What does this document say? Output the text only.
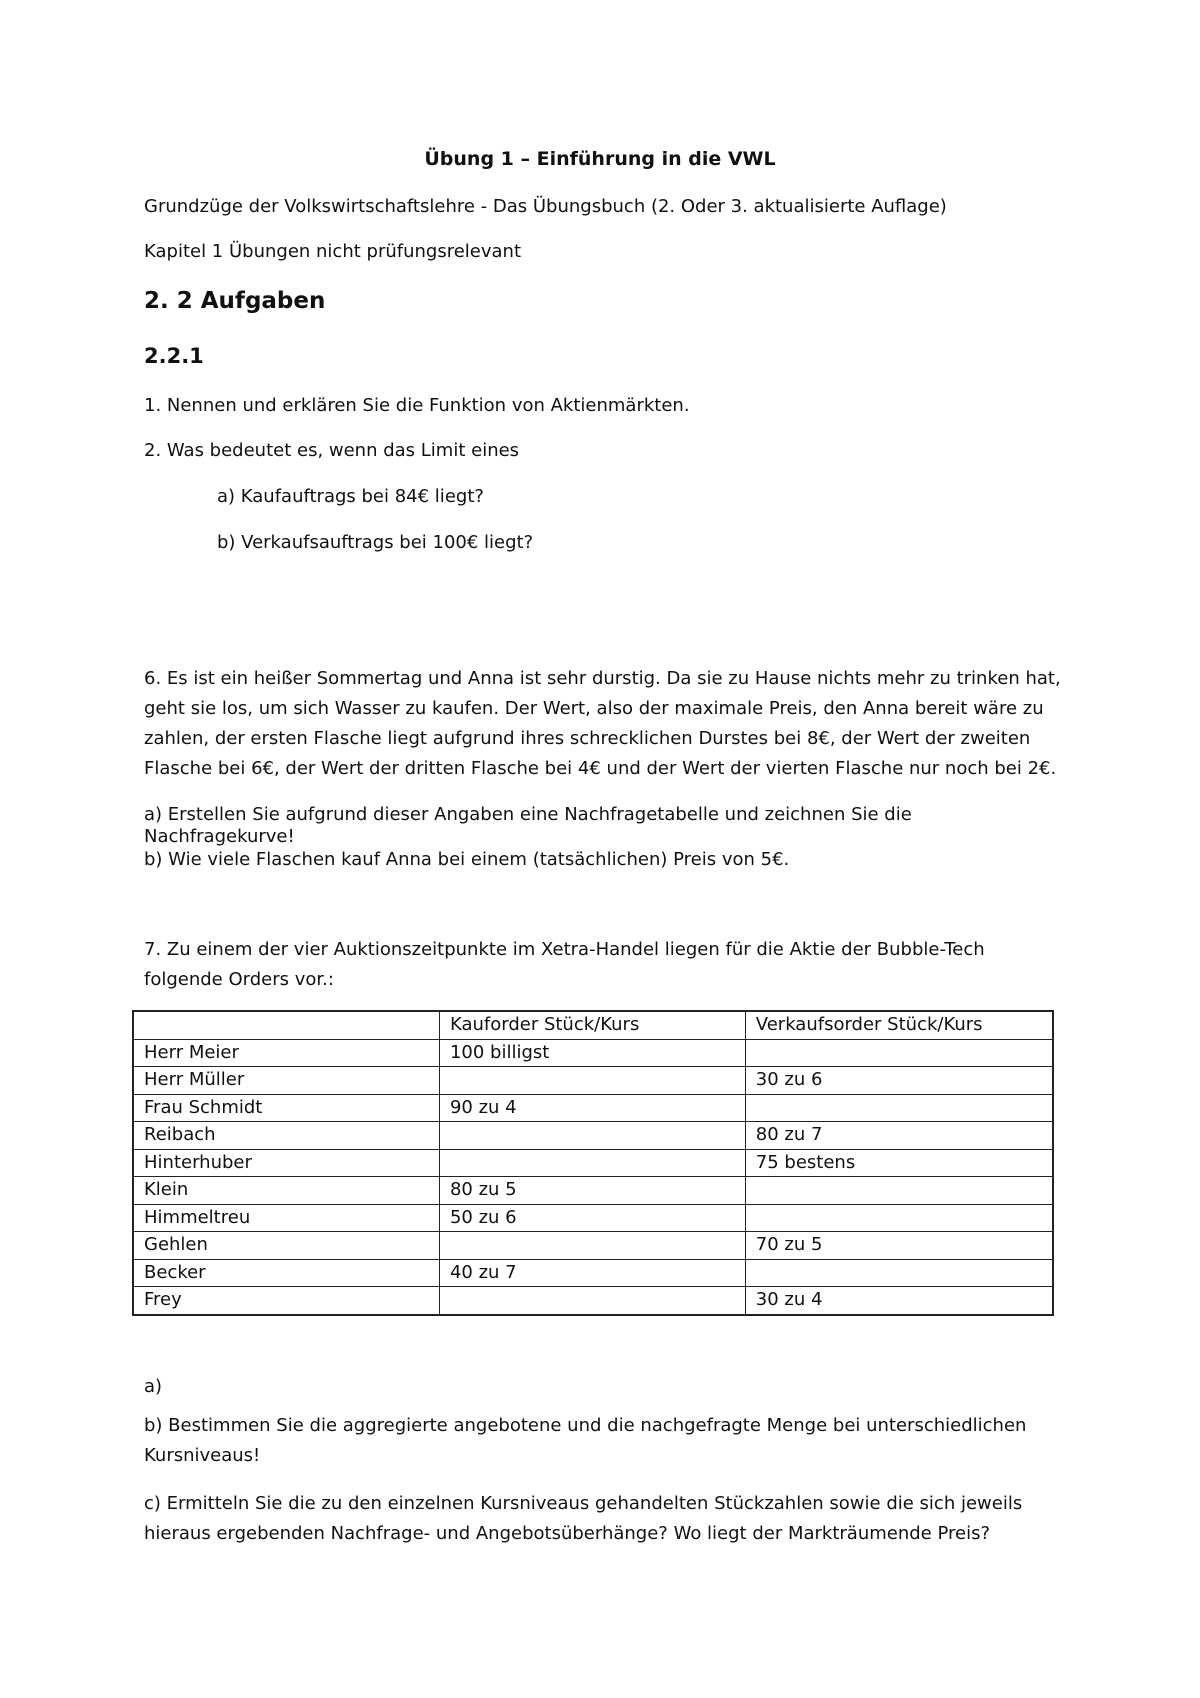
Übung 1 – Einführung in die VWL
Grundzüge der Volkswirtschaftslehre - Das Übungsbuch (2. Oder 3. aktualisierte Auflage)
Kapitel 1 Übungen nicht prüfungsrelevant
2. 2 Aufgaben
2.2.1
1. Nennen und erklären Sie die Funktion von Aktienmärkten.
2. Was bedeutet es, wenn das Limit eines
a) Kaufauftrags bei 84€ liegt?
b) Verkaufsauftrags bei 100€ liegt?
6. Es ist ein heißer Sommertag und Anna ist sehr durstig. Da sie zu Hause nichts mehr zu trinken hat, geht sie los, um sich Wasser zu kaufen. Der Wert, also der maximale Preis, den Anna bereit wäre zu zahlen, der ersten Flasche liegt aufgrund ihres schrecklichen Durstes bei 8€, der Wert der zweiten Flasche bei 6€, der Wert der dritten Flasche bei 4€ und der Wert der vierten Flasche nur noch bei 2€.
a) Erstellen Sie aufgrund dieser Angaben eine Nachfragetabelle und zeichnen Sie die Nachfragekurve!
b) Wie viele Flaschen kauf Anna bei einem (tatsächlichen) Preis von 5€.
7. Zu einem der vier Auktionszeitpunkte im Xetra-Handel liegen für die Aktie der Bubble-Tech folgende Orders vor.:
	Kauforder Stück/Kurs	Verkaufsorder Stück/Kurs
Herr Meier	100 billigst	
Herr Müller		30 zu 6
Frau Schmidt	90 zu 4	
Reibach		80 zu 7
Hinterhuber		75 bestens
Klein	80 zu 5	
Himmeltreu	50 zu 6	
Gehlen		70 zu 5
Becker	40 zu 7	
Frey		30 zu 4
a)
b) Bestimmen Sie die aggregierte angebotene und die nachgefragte Menge bei unterschiedlichen Kursniveaus!
c) Ermitteln Sie die zu den einzelnen Kursniveaus gehandelten Stückzahlen sowie die sich jeweils hieraus ergebenden Nachfrage- und Angebotsüberhänge? Wo liegt der Markträumende Preis?
